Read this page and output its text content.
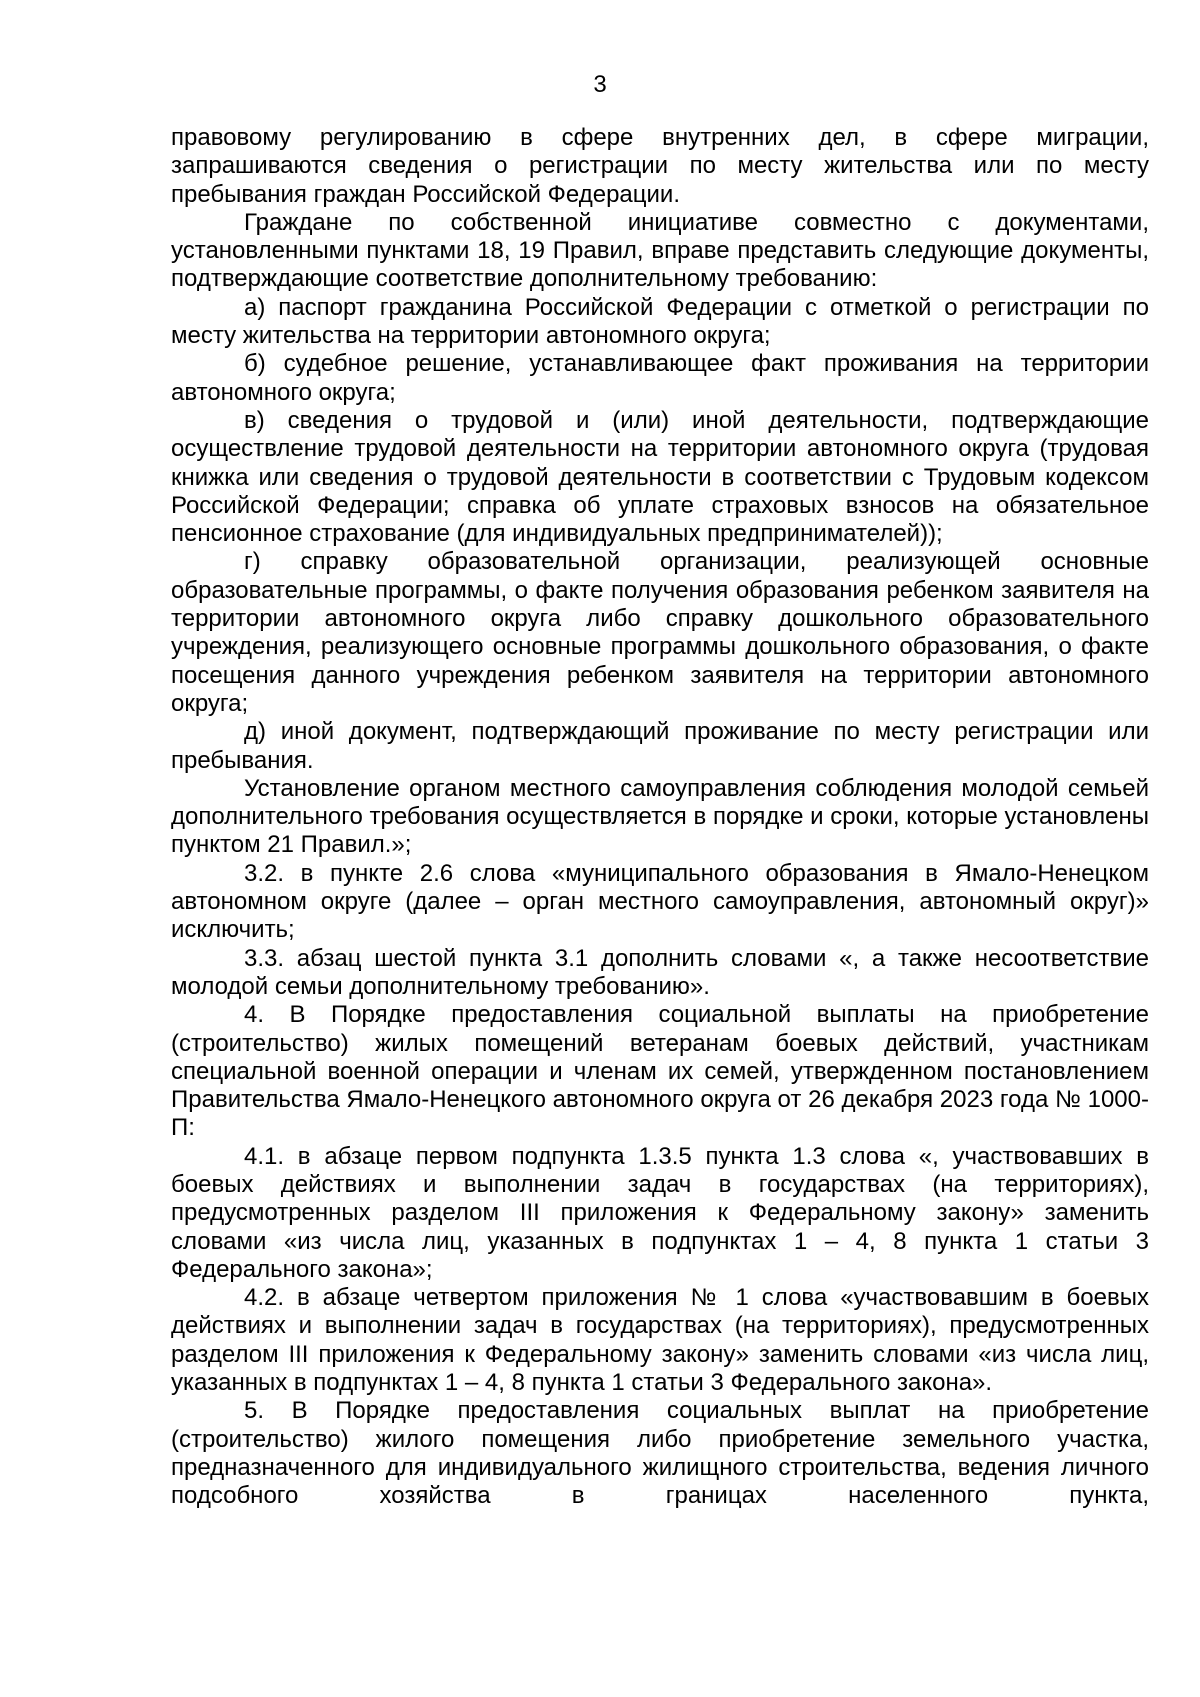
3

правовому регулированию в сфере внутренних дел, в сфере миграции, запрашиваются сведения о регистрации по месту жительства или по месту пребывания граждан Российской Федерации.

Граждане по собственной инициативе совместно с документами, установленными пунктами 18, 19 Правил, вправе представить следующие документы, подтверждающие соответствие дополнительному требованию:

а) паспорт гражданина Российской Федерации с отметкой о регистрации по месту жительства на территории автономного округа;

б) судебное решение, устанавливающее факт проживания на территории автономного округа;

в) сведения о трудовой и (или) иной деятельности, подтверждающие осуществление трудовой деятельности на территории автономного округа (трудовая книжка или сведения о трудовой деятельности в соответствии с Трудовым кодексом Российской Федерации; справка об уплате страховых взносов на обязательное пенсионное страхование (для индивидуальных предпринимателей));

г) справку образовательной организации, реализующей основные образовательные программы, о факте получения образования ребенком заявителя на территории автономного округа либо справку дошкольного образовательного учреждения, реализующего основные программы дошкольного образования, о факте посещения данного учреждения ребенком заявителя на территории автономного округа;

д) иной документ, подтверждающий проживание по месту регистрации или пребывания.

Установление органом местного самоуправления соблюдения молодой семьей дополнительного требования осуществляется в порядке и сроки, которые установлены пунктом 21 Правил.»;

3.2. в пункте 2.6 слова «муниципального образования в Ямало-Ненецком автономном округе (далее – орган местного самоуправления, автономный округ)» исключить;

3.3. абзац шестой пункта 3.1 дополнить словами «, а также несоответствие молодой семьи дополнительному требованию».

4. В Порядке предоставления социальной выплаты на приобретение (строительство) жилых помещений ветеранам боевых действий, участникам специальной военной операции и членам их семей, утвержденном постановлением Правительства Ямало-Ненецкого автономного округа от 26 декабря 2023 года № 1000-П:

4.1. в абзаце первом подпункта 1.3.5 пункта 1.3 слова «, участвовавших в боевых действиях и выполнении задач в государствах (на территориях), предусмотренных разделом III приложения к Федеральному закону» заменить словами «из числа лиц, указанных в подпунктах 1 – 4, 8 пункта 1 статьи 3 Федерального закона»;

4.2. в абзаце четвертом приложения № 1 слова «участвовавшим в боевых действиях и выполнении задач в государствах (на территориях), предусмотренных разделом III приложения к Федеральному закону» заменить словами «из числа лиц, указанных в подпунктах 1 – 4, 8 пункта 1 статьи 3 Федерального закона».

5. В Порядке предоставления социальных выплат на приобретение (строительство) жилого помещения либо приобретение земельного участка, предназначенного для индивидуального жилищного строительства, ведения личного подсобного хозяйства в границах населенного пункта,
